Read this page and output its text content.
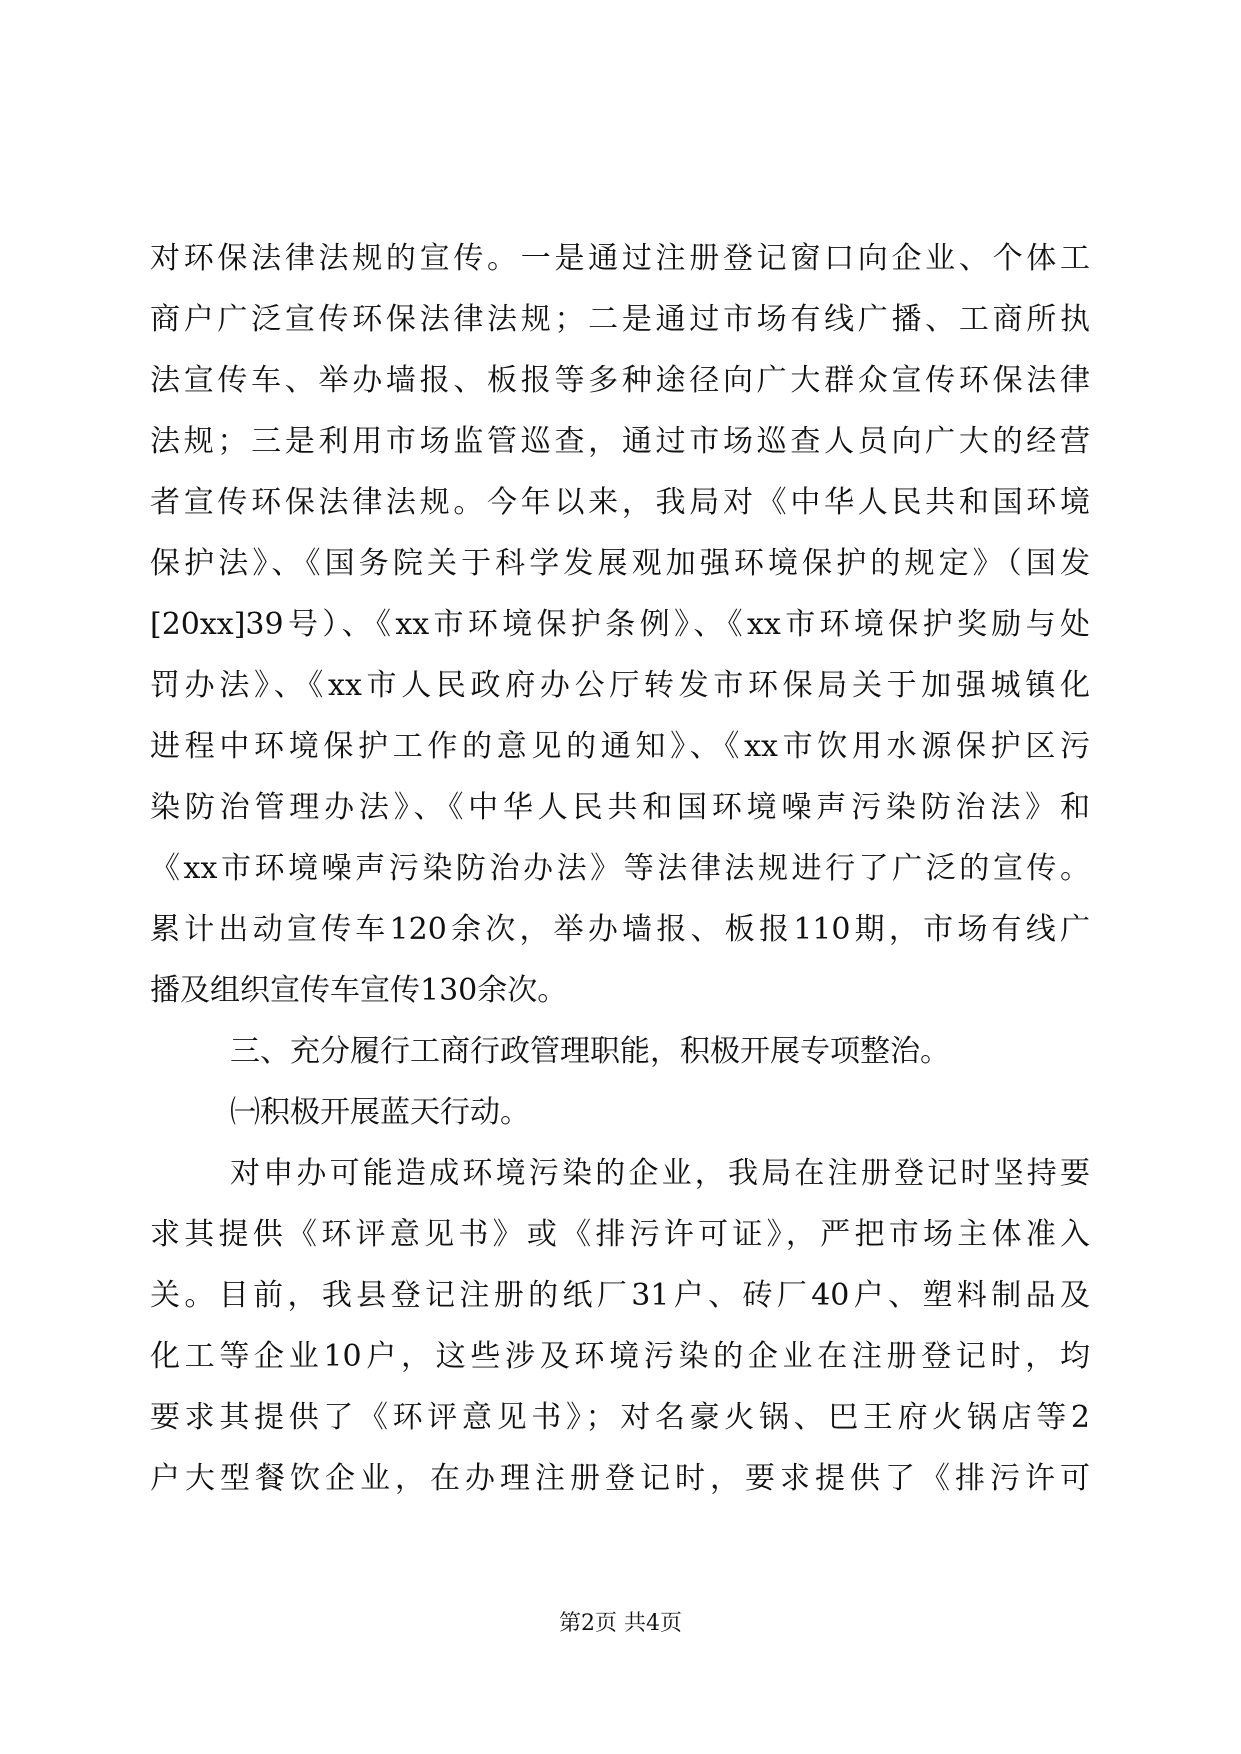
对环保法律法规的宣传。一是通过注册登记窗口向企业、个体工
商户广泛宣传环保法律法规；二是通过市场有线广播、工商所执
法宣传车、举办墙报、板报等多种途径向广大群众宣传环保法律
法规；三是利用市场监管巡查，通过市场巡查人员向广大的经营
者宣传环保法律法规。今年以来，我局对《中华人民共和国环境
保护法》、《国务院关于科学发展观加强环境保护的规定》（国发
[20xx]39号）、《xx市环境保护条例》、《xx市环境保护奖励与处
罚办法》、《xx市人民政府办公厅转发市环保局关于加强城镇化
进程中环境保护工作的意见的通知》、《xx市饮用水源保护区污
染防治管理办法》、《中华人民共和国环境噪声污染防治法》和
《xx市环境噪声污染防治办法》等法律法规进行了广泛的宣传。
累计出动宣传车120余次，举办墙报、板报110期，市场有线广
播及组织宣传车宣传130余次。
三、充分履行工商行政管理职能，积极开展专项整治。
㈠积极开展蓝天行动。
对申办可能造成环境污染的企业，我局在注册登记时坚持要
求其提供《环评意见书》或《排污许可证》，严把市场主体准入
关。目前，我县登记注册的纸厂31户、砖厂40户、塑料制品及
化工等企业10户，这些涉及环境污染的企业在注册登记时，均
要求其提供了《环评意见书》；对名豪火锅、巴王府火锅店等2
户大型餐饮企业，在办理注册登记时，要求提供了《排污许可
第2页 共4页
